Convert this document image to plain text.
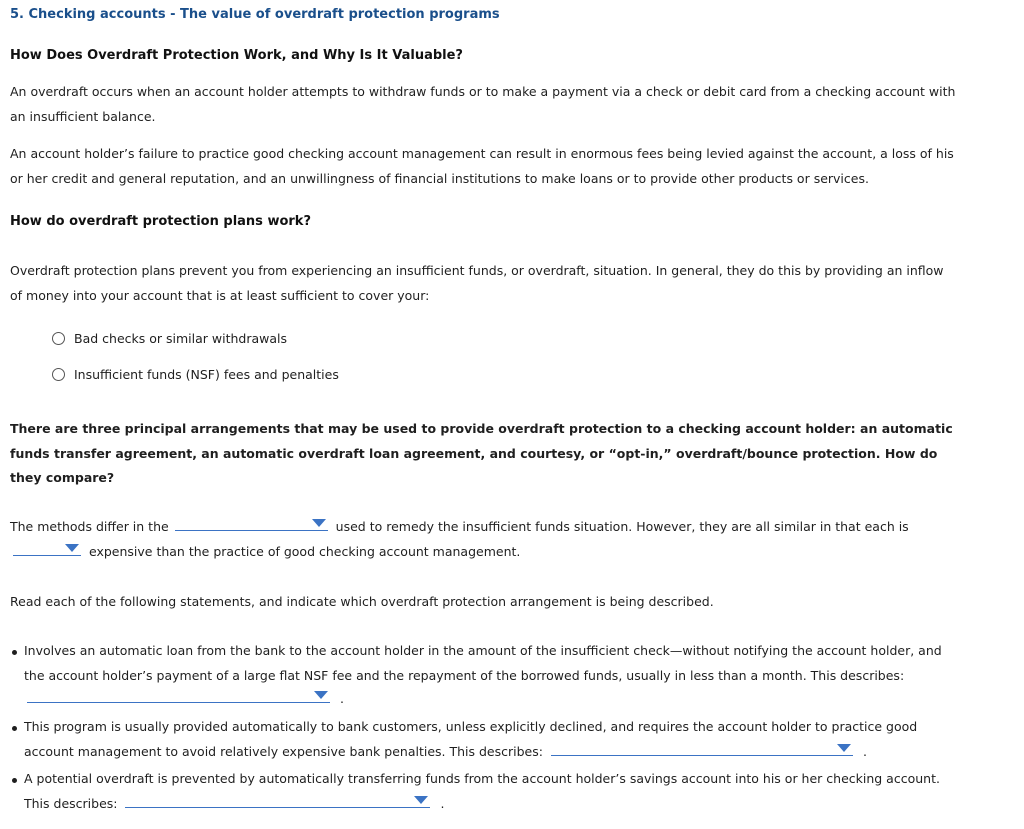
5. Checking accounts - The value of overdraft protection programs
How Does Overdraft Protection Work, and Why Is It Valuable?
An overdraft occurs when an account holder attempts to withdraw funds or to make a payment via a check or debit card from a checking account with
an insufficient balance.
An account holder’s failure to practice good checking account management can result in enormous fees being levied against the account, a loss of his
or her credit and general reputation, and an unwillingness of financial institutions to make loans or to provide other products or services.
How do overdraft protection plans work?
Overdraft protection plans prevent you from experiencing an insufficient funds, or overdraft, situation. In general, they do this by providing an inflow
of money into your account that is at least sufficient to cover your:
Bad checks or similar withdrawals
Insufficient funds (NSF) fees and penalties
There are three principal arrangements that may be used to provide overdraft protection to a checking account holder: an automatic
funds transfer agreement, an automatic overdraft loan agreement, and courtesy, or “opt-in,” overdraft/bounce protection. How do
they compare?
The methods differ in the	used to remedy the insufficient funds situation. However, they are all similar in that each is
expensive than the practice of good checking account management.
Read each of the following statements, and indicate which overdraft protection arrangement is being described.
Involves an automatic loan from the bank to the account holder in the amount of the insufficient check—without notifying the account holder, and
the account holder’s payment of a large flat NSF fee and the repayment of the borrowed funds, usually in less than a month. This describes:
.
This program is usually provided automatically to bank customers, unless explicitly declined, and requires the account holder to practice good
account management to avoid relatively expensive bank penalties. This describes:	.
A potential overdraft is prevented by automatically transferring funds from the account holder’s savings account into his or her checking account.
This describes:	.
